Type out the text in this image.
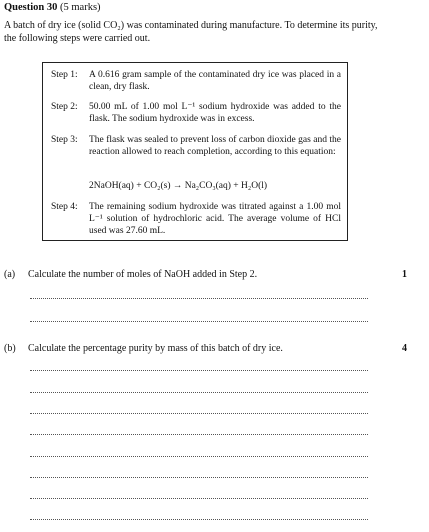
Question 30 (5 marks)
A batch of dry ice (solid CO₂) was contaminated during manufacture. To determine its purity, the following steps were carried out.
Step 1: A 0.616 gram sample of the contaminated dry ice was placed in a clean, dry flask.
Step 2: 50.00 mL of 1.00 mol L⁻¹ sodium hydroxide was added to the flask. The sodium hydroxide was in excess.
Step 3: The flask was sealed to prevent loss of carbon dioxide gas and the reaction allowed to reach completion, according to this equation:
2NaOH(aq) + CO₂(s) → Na₂CO₃(aq) + H₂O(l)
Step 4: The remaining sodium hydroxide was titrated against a 1.00 mol L⁻¹ solution of hydrochloric acid. The average volume of HCl used was 27.60 mL.
(a) Calculate the number of moles of NaOH added in Step 2.	1
(b) Calculate the percentage purity by mass of this batch of dry ice.	4
